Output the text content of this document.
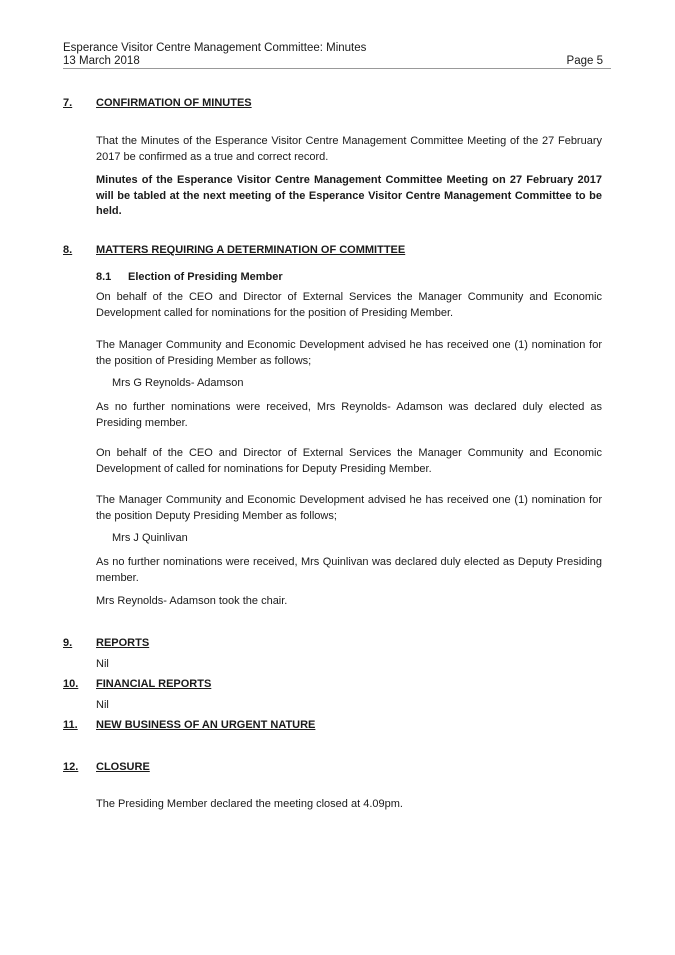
Esperance Visitor Centre Management Committee: Minutes
13 March 2018	Page 5
7. CONFIRMATION OF MINUTES
That the Minutes of the Esperance Visitor Centre Management Committee Meeting of the 27 February 2017 be confirmed as a true and correct record.
Minutes of the Esperance Visitor Centre Management Committee Meeting on 27 February 2017 will be tabled at the next meeting of the Esperance Visitor Centre Management Committee to be held.
8. MATTERS REQUIRING A DETERMINATION OF COMMITTEE
8.1 Election of Presiding Member
On behalf of the CEO and Director of External Services the Manager Community and Economic Development called for nominations for the position of Presiding Member.
The Manager Community and Economic Development advised he has received one (1) nomination for the position of Presiding Member as follows;
Mrs G Reynolds- Adamson
As no further nominations were received, Mrs Reynolds- Adamson was declared duly elected as Presiding member.
On behalf of the CEO and Director of External Services the Manager Community and Economic Development of called for nominations for Deputy Presiding Member.
The Manager Community and Economic Development advised he has received one (1) nomination for the position Deputy Presiding Member as follows;
Mrs J Quinlivan
As no further nominations were received, Mrs Quinlivan was declared duly elected as Deputy Presiding member.
Mrs Reynolds- Adamson took the chair.
9. REPORTS
Nil
10. FINANCIAL REPORTS
Nil
11. NEW BUSINESS OF AN URGENT NATURE
12. CLOSURE
The Presiding Member declared the meeting closed at 4.09pm.
